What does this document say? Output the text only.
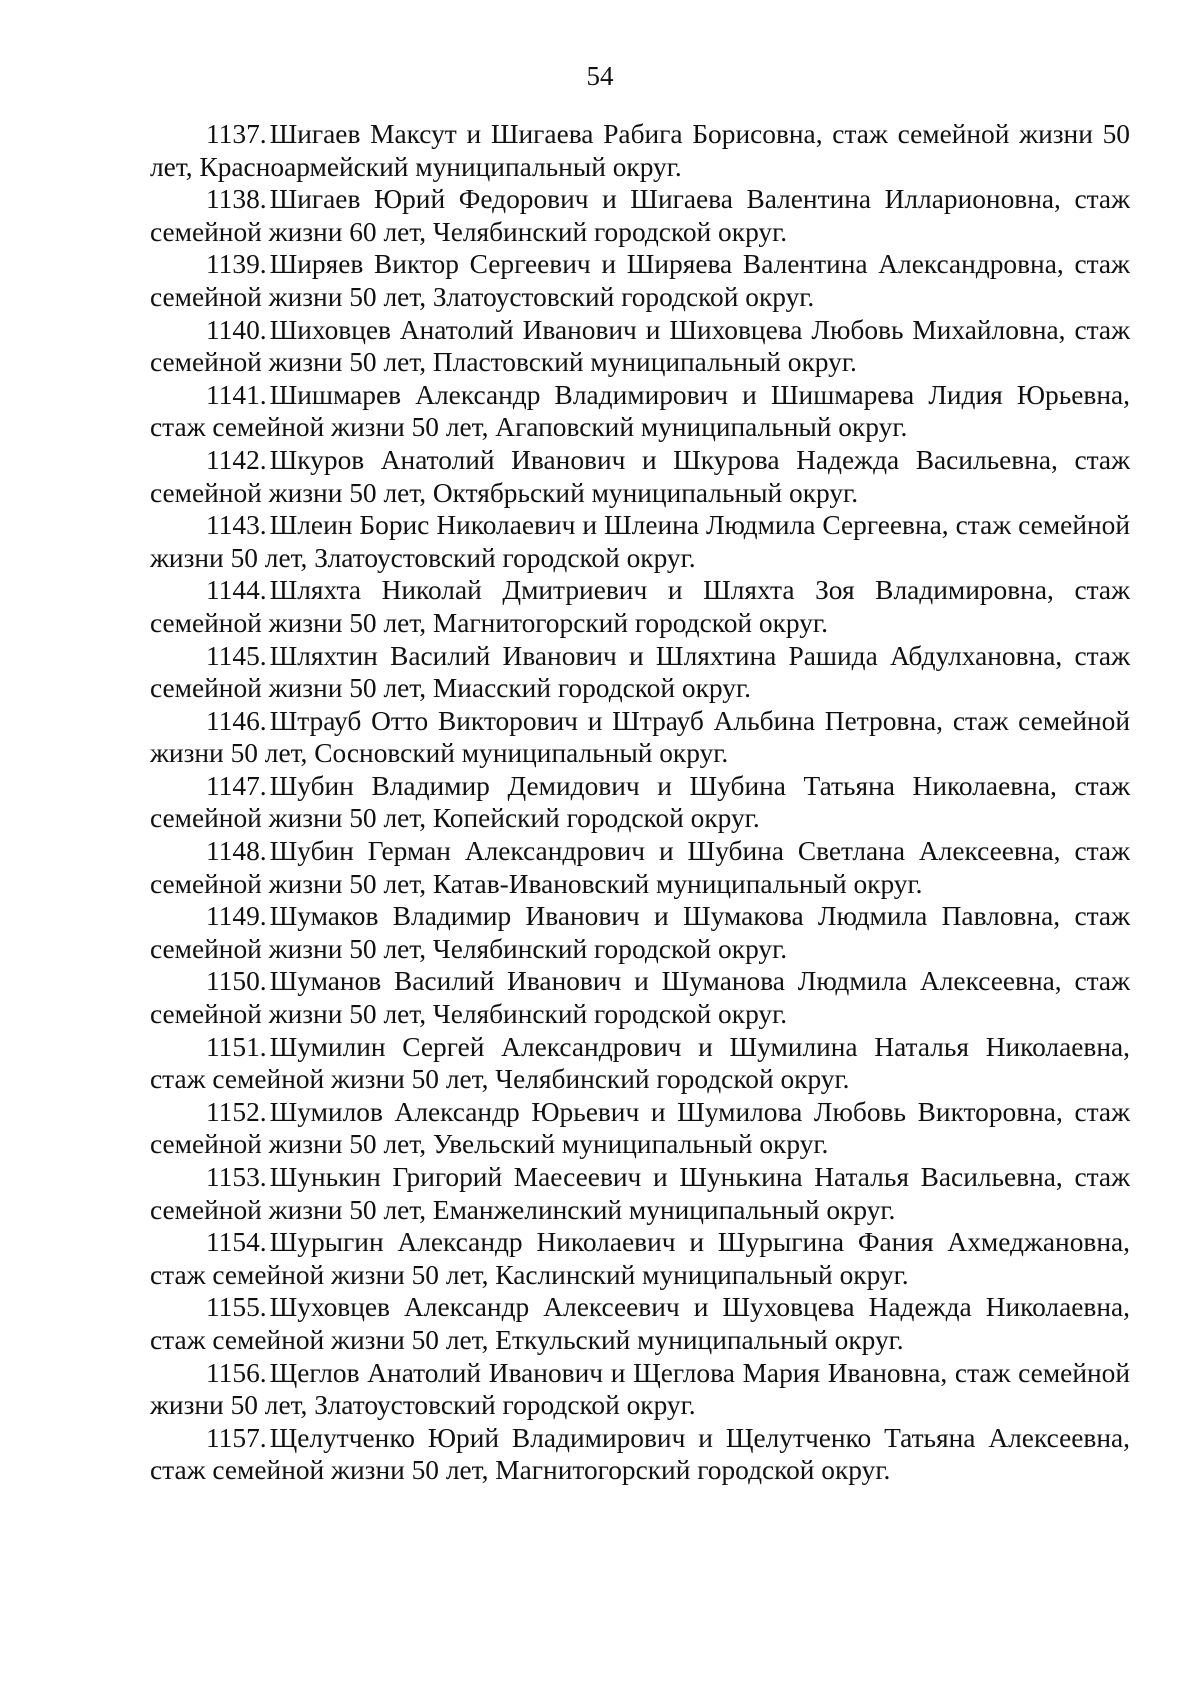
54

1137. Шигаев Максут и Шигаева Рабига Борисовна, стаж семейной жизни 50 лет, Красноармейский муниципальный округ.

1138. Шигаев Юрий Федорович и Шигаева Валентина Илларионовна, стаж семейной жизни 60 лет, Челябинский городской округ.

1139. Ширяев Виктор Сергеевич и Ширяева Валентина Александровна, стаж семейной жизни 50 лет, Златоустовский городской округ.

1140. Шиховцев Анатолий Иванович и Шиховцева Любовь Михайловна, стаж семейной жизни 50 лет, Пластовский муниципальный округ.

1141. Шишмарев Александр Владимирович и Шишмарева Лидия Юрьевна, стаж семейной жизни 50 лет, Агаповский муниципальный округ.

1142. Шкуров Анатолий Иванович и Шкурова Надежда Васильевна, стаж семейной жизни 50 лет, Октябрьский муниципальный округ.

1143. Шлеин Борис Николаевич и Шлеина Людмила Сергеевна, стаж семейной жизни 50 лет, Златоустовский городской округ.

1144. Шляхта Николай Дмитриевич и Шляхта Зоя Владимировна, стаж семейной жизни 50 лет, Магнитогорский городской округ.

1145. Шляхтин Василий Иванович и Шляхтина Рашида Абдулхановна, стаж семейной жизни 50 лет, Миасский городской округ.

1146. Штрауб Отто Викторович и Штрауб Альбина Петровна, стаж семейной жизни 50 лет, Сосновский муниципальный округ.

1147. Шубин Владимир Демидович и Шубина Татьяна Николаевна, стаж семейной жизни 50 лет, Копейский городской округ.

1148. Шубин Герман Александрович и Шубина Светлана Алексеевна, стаж семейной жизни 50 лет, Катав-Ивановский муниципальный округ.

1149. Шумаков Владимир Иванович и Шумакова Людмила Павловна, стаж семейной жизни 50 лет, Челябинский городской округ.

1150. Шуманов Василий Иванович и Шуманова Людмила Алексеевна, стаж семейной жизни 50 лет, Челябинский городской округ.

1151. Шумилин Сергей Александрович и Шумилина Наталья Николаевна, стаж семейной жизни 50 лет, Челябинский городской округ.

1152. Шумилов Александр Юрьевич и Шумилова Любовь Викторовна, стаж семейной жизни 50 лет, Увельский муниципальный округ.

1153. Шунькин Григорий Маесеевич и Шунькина Наталья Васильевна, стаж семейной жизни 50 лет, Еманжелинский муниципальный округ.

1154. Шурыгин Александр Николаевич и Шурыгина Фания Ахмеджановна, стаж семейной жизни 50 лет, Каслинский муниципальный округ.

1155. Шуховцев Александр Алексеевич и Шуховцева Надежда Николаевна, стаж семейной жизни 50 лет, Еткульский муниципальный округ.

1156. Щеглов Анатолий Иванович и Щеглова Мария Ивановна, стаж семейной жизни 50 лет, Златоустовский городской округ.

1157. Щелутченко Юрий Владимирович и Щелутченко Татьяна Алексеевна, стаж семейной жизни 50 лет, Магнитогорский городской округ.
